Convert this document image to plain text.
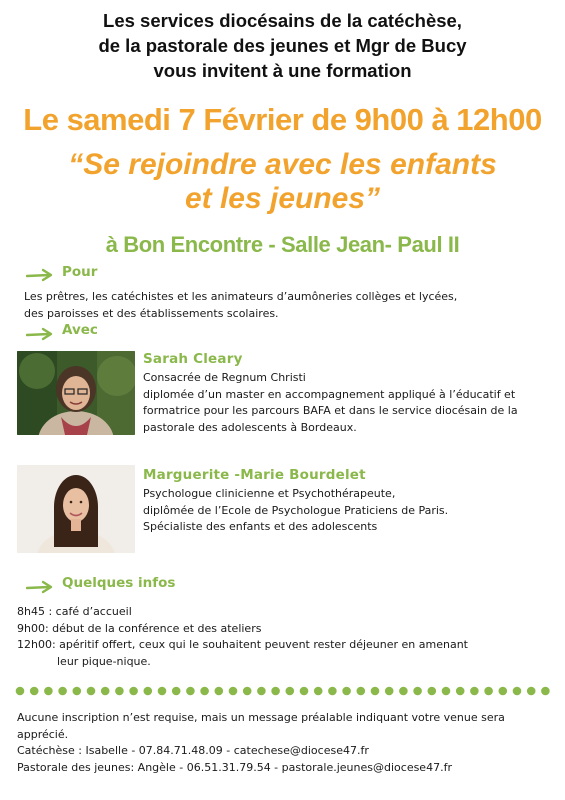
Les services diocésains de la catéchèse,
de la pastorale des jeunes et Mgr de Bucy
vous invitent à une formation
Le samedi 7 Février de 9h00 à 12h00
“Se rejoindre avec les enfants
et les jeunes”
à Bon Encontre - Salle Jean- Paul II
Pour
Les prêtres, les catéchistes et les animateurs d’aumôneries collèges et lycées,
des paroisses et des établissements scolaires.
Avec
Sarah Cleary
Consacrée de Regnum Christi
diplomée d’un master en accompagnement appliqué à l’éducatif et
formatrice pour les parcours BAFA et dans le service diocésain de la
pastorale des adolescents à Bordeaux.
Marguerite -Marie Bourdelet
Psychologue clinicienne et Psychothérapeute,
diplômée de l’Ecole de Psychologue Praticiens de Paris.
Spécialiste des enfants et des adolescents
Quelques infos
8h45 : café d’accueil
9h00: début de la conférence et des ateliers
12h00: apéritif offert, ceux qui le souhaitent peuvent rester déjeuner en amenant
leur pique-nique.
Aucune inscription n’est requise, mais un message préalable indiquant votre venue sera
apprécié.
Catéchèse : Isabelle - 07.84.71.48.09 - catechese@diocese47.fr
Pastorale des jeunes: Angèle - 06.51.31.79.54 - pastorale.jeunes@diocese47.fr
